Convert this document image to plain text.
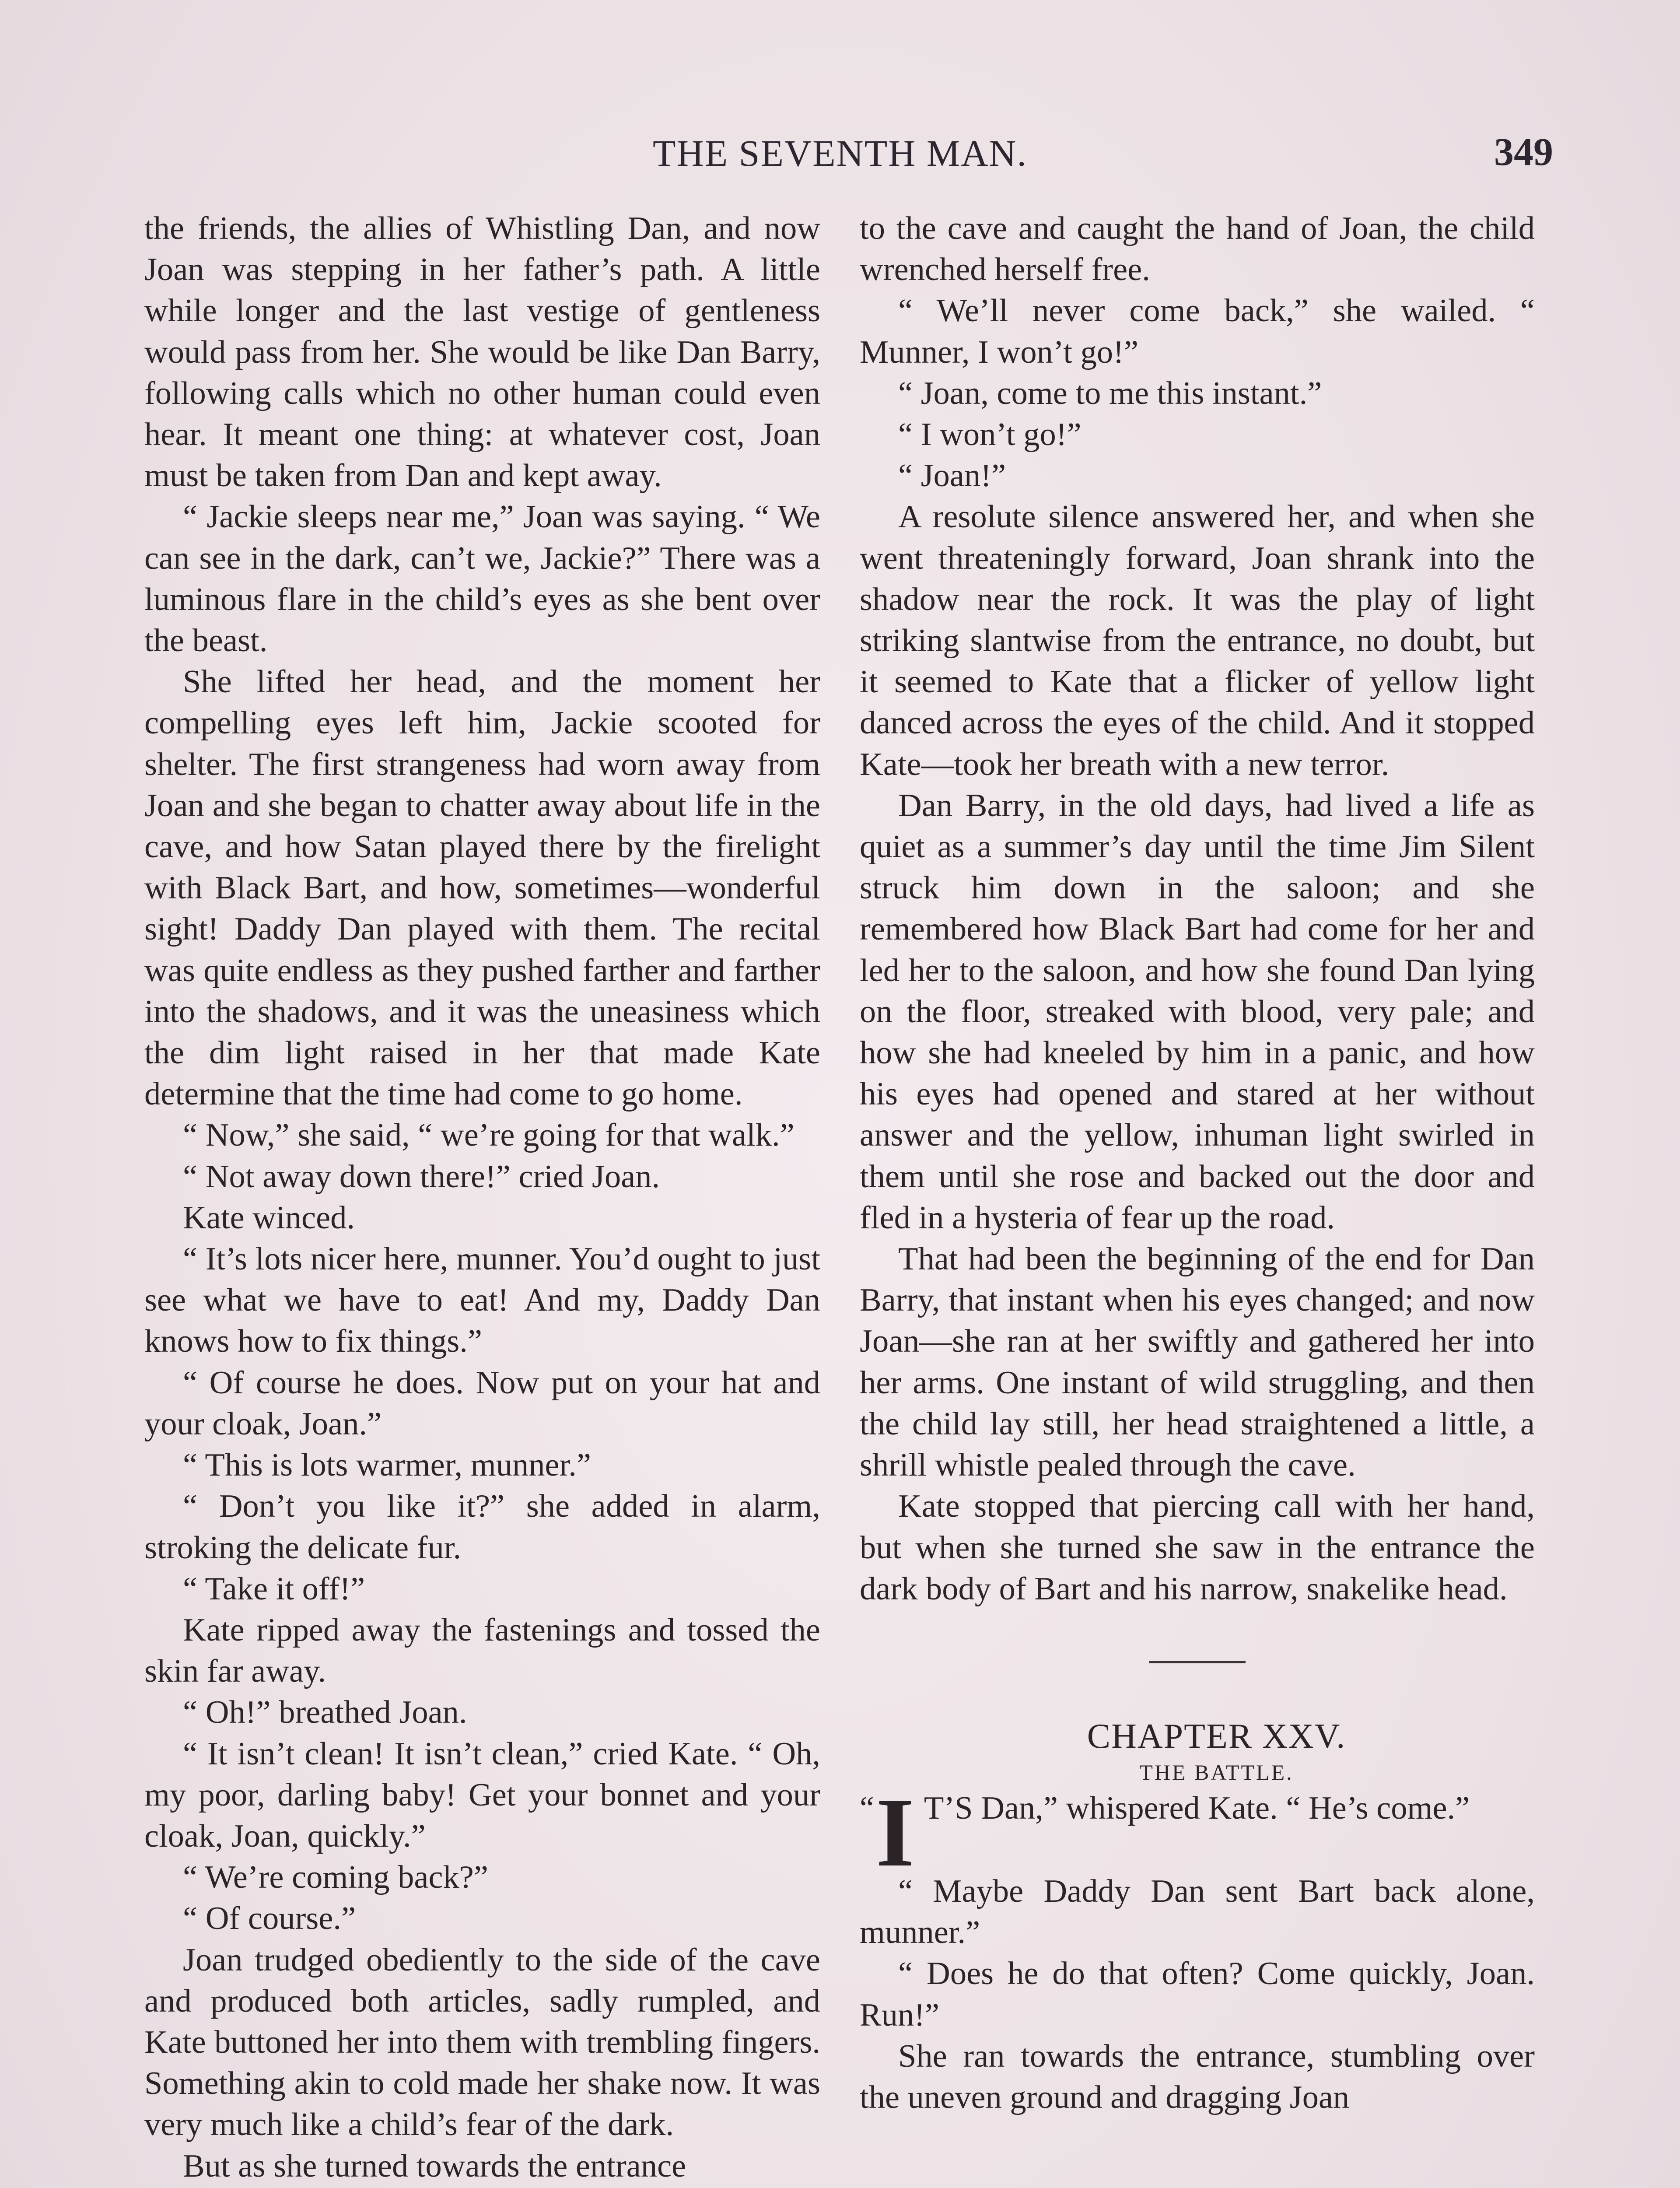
THE SEVENTH MAN.	349

the friends, the allies of Whistling Dan, and now Joan was stepping in her father’s path. A little while longer and the last vestige of gentleness would pass from her. She would be like Dan Barry, following calls which no other human could even hear. It meant one thing: at whatever cost, Joan must be taken from Dan and kept away.

“ Jackie sleeps near me,” Joan was saying. “ We can see in the dark, can’t we, Jackie?” There was a luminous flare in the child’s eyes as she bent over the beast.

She lifted her head, and the moment her compelling eyes left him, Jackie scooted for shelter. The first strangeness had worn away from Joan and she began to chatter away about life in the cave, and how Satan played there by the firelight with Black Bart, and how, sometimes—wonderful sight! Daddy Dan played with them. The recital was quite endless as they pushed farther and farther into the shadows, and it was the uneasiness which the dim light raised in her that made Kate determine that the time had come to go home.

“ Now,” she said, “ we’re going for that walk.”

“ Not away down there!” cried Joan.

Kate winced.

“ It’s lots nicer here, munner. You’d ought to just see what we have to eat! And my, Daddy Dan knows how to fix things.”

“ Of course he does. Now put on your hat and your cloak, Joan.”

“ This is lots warmer, munner.”

“ Don’t you like it?” she added in alarm, stroking the delicate fur.

“ Take it off!”

Kate ripped away the fastenings and tossed the skin far away.

“ Oh!” breathed Joan.

“ It isn’t clean! It isn’t clean,” cried Kate. “ Oh, my poor, darling baby! Get your bonnet and your cloak, Joan, quickly.”

“ We’re coming back?”

“ Of course.”

Joan trudged obediently to the side of the cave and produced both articles, sadly rumpled, and Kate buttoned her into them with trembling fingers. Something akin to cold made her shake now. It was very much like a child’s fear of the dark.

But as she turned towards the entrance

to the cave and caught the hand of Joan, the child wrenched herself free.

“ We’ll never come back,” she wailed. “ Munner, I won’t go!”

“ Joan, come to me this instant.”

“ I won’t go!”

“ Joan!”

A resolute silence answered her, and when she went threateningly forward, Joan shrank into the shadow near the rock. It was the play of light striking slantwise from the entrance, no doubt, but it seemed to Kate that a flicker of yellow light danced across the eyes of the child. And it stopped Kate—took her breath with a new terror.

Dan Barry, in the old days, had lived a life as quiet as a summer’s day until the time Jim Silent struck him down in the saloon; and she remembered how Black Bart had come for her and led her to the saloon, and how she found Dan lying on the floor, streaked with blood, very pale; and how she had kneeled by him in a panic, and how his eyes had opened and stared at her without answer and the yellow, inhuman light swirled in them until she rose and backed out the door and fled in a hysteria of fear up the road.

That had been the beginning of the end for Dan Barry, that instant when his eyes changed; and now Joan—she ran at her swiftly and gathered her into her arms. One instant of wild struggling, and then the child lay still, her head straightened a little, a shrill whistle pealed through the cave.

Kate stopped that piercing call with her hand, but when she turned she saw in the entrance the dark body of Bart and his narrow, snakelike head.

CHAPTER XXV.

THE BATTLE.

“ I T’S Dan,” whispered Kate. “ He’s come.”

“ Maybe Daddy Dan sent Bart back alone, munner.”

“ Does he do that often? Come quickly, Joan. Run!”

She ran towards the entrance, stumbling over the uneven ground and dragging Joan
